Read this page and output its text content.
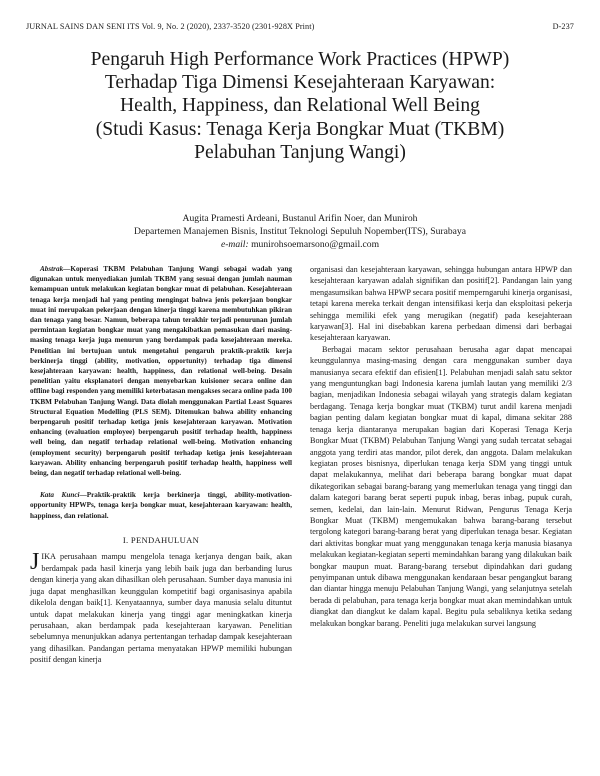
JURNAL SAINS DAN SENI ITS Vol. 9, No. 2 (2020), 2337-3520 (2301-928X Print)	D-237
Pengaruh High Performance Work Practices (HPWP)
Terhadap Tiga Dimensi Kesejahteraan Karyawan:
Health, Happiness, dan Relational Well Being
(Studi Kasus: Tenaga Kerja Bongkar Muat (TKBM)
Pelabuhan Tanjung Wangi)
Augita Pramesti Ardeani, Bustanul Arifin Noer, dan Muniroh
Departemen Manajemen Bisnis, Institut Teknologi Sepuluh Nopember(ITS), Surabaya
e-mail: munirohsoemarsono@gmail.com

Abstrak—Koperasi TKBM Pelabuhan Tanjung Wangi sebagai wadah yang digunakan untuk menyediakan jumlah TKBM yang sesuai dengan jumlah nauman kemampuan untuk melakukan kegiatan bongkar muat di pelabuhan. Kesejahteraan tenaga kerja menjadi hal yang penting mengingat bahwa jenis pekerjaan bongkar muat ini merupakan pekerjaan dengan kinerja tinggi karena membutuhkan pikiran dan tenaga yang besar. Namun, beberapa tahun terakhir terjadi penurunan jumlah permintaan kegiatan bongkar muat yang mengakibatkan pemasukan dari masing-masing tenaga kerja juga menurun yang berdampak pada kesejahteraan mereka. Penelitian ini bertujuan untuk mengetahui pengaruh praktik-praktik kerja berkinerja tinggi (ability, motivation, opportunity) terhadap tiga dimensi kesejahteraan karyawan: health, happiness, dan relational well-being. Desain penelitian yaitu eksplanatori dengan menyebarkan kuisioner secara online dan offline bagi responden yang memiliki keterbatasan mengakses secara online pada 100 TKBM Pelabuhan Tanjung Wangi. Data diolah menggunakan Partial Least Squares Structural Equation Modelling (PLS SEM). Ditemukan bahwa ability enhancing berpengaruh positif terhadap ketiga jenis kesejahteraan karyawan. Motivation enhancing (evaluation employee) berpengaruh positif terhadap health, happiness well being, dan negatif terhadap relational well-being. Motivation enhancing (employment security) berpengaruh positif terhadap ketiga jenis kesejahteraan karyawan. Ability enhancing berpengaruh positif terhadap health, happiness well being, dan negatif terhadap relational well-being.

Kata Kunci—Praktik-praktik kerja berkinerja tinggi, ability-motivation-opportunity HPWPs, tenaga kerja bongkar muat, kesejahteraan karyawan: health, happiness, dan relational.

I. PENDAHULUAN

JIKA perusahaan mampu mengelola tenaga kerjanya dengan baik, akan berdampak pada hasil kinerja yang lebih baik juga dan berbanding lurus dengan kinerja yang akan dihasilkan oleh perusahaan. Sumber daya manusia ini juga dapat menghasilkan keunggulan kompetitif bagi organisasinya apabila dikelola dengan baik[1]. Kenyataannya, sumber daya manusia selalu dituntut untuk dapat melakukan kinerja yang tinggi agar meningkatkan kinerja perusahaan, akan berdampak pada kesejahteraan karyawan. Penelitian sebelumnya menunjukkan adanya pertentangan terhadap dampak kesejahteraan yang dihasilkan. Pandangan pertama menyatakan HPWP memiliki hubungan positif dengan kinerja

organisasi dan kesejahteraan karyawan, sehingga hubungan antara HPWP dan kesejahteraan karyawan adalah signifikan dan positif[2]. Pandangan lain yang mengasumsikan bahwa HPWP secara positif memperngaruhi kinerja organisasi, tetapi karena mereka terkait dengan intensifikasi kerja dan eksploitasi pekerja sehingga memiliki efek yang merugikan (negatif) pada kesejahteraan karyawan[3]. Hal ini disebabkan karena perbedaan dimensi dari berbagai kesejahteraan karyawan.

Berbagai macam sektor perusahaan berusaha agar dapat mencapai keunggulannya masing-masing dengan cara menggunakan sumber daya manusianya secara efektif dan efisien[1]. Pelabuhan menjadi salah satu sektor yang menguntungkan bagi Indonesia karena jumlah lautan yang memiliki 2/3 bagian, menjadikan Indonesia sebagai wilayah yang strategis dalam kegiatan berdagang. Tenaga kerja bongkar muat (TKBM) turut andil karena menjadi bagian penting dalam kegiatan bongkar muat di kapal, dimana sekitar 288 tenaga kerja diantaranya merupakan bagian dari Koperasi Tenaga Kerja Bongkar Muat (TKBM) Pelabuhan Tanjung Wangi yang sudah tercatat sebagai anggota yang terdiri atas mandor, pilot derek, dan anggota. Dalam melakukan kegiatan proses bisnisnya, diperlukan tenaga kerja SDM yang tinggi untuk dapat melakukannya, melihat dari beberapa barang bongkar muat dapat dikategorikan sebagai barang-barang yang memerlukan tenaga yang tinggi dan dalam kategori barang berat seperti pupuk inbag, beras inbag, pupuk curah, semen, kedelai, dan lain-lain. Menurut Ridwan, Pengurus Tenaga Kerja Bongkar Muat (TKBM) mengemukakan bahwa barang-barang tersebut tergolong kategori barang-barang berat yang diperlukan tenaga besar. Kegiatan dari aktivitas bongkar muat yang menggunakan tenaga kerja manusia biasanya melakukan kegiatan-kegiatan seperti memindahkan barang yang dilakukan baik bongkar maupun muat. Barang-barang tersebut dipindahkan dari gudang penyimpanan untuk dibawa menggunakan kendaraan besar pengangkut barang dan diantar hingga menuju Pelabuhan Tanjung Wangi, yang selanjutnya setelah berada di pelabuhan, para tenaga kerja bongkar muat akan memindahkan untuk diangkat dan diangkut ke dalam kapal. Begitu pula sebaliknya ketika sedang melakukan bongkar barang. Peneliti juga melakukan survei langsung
